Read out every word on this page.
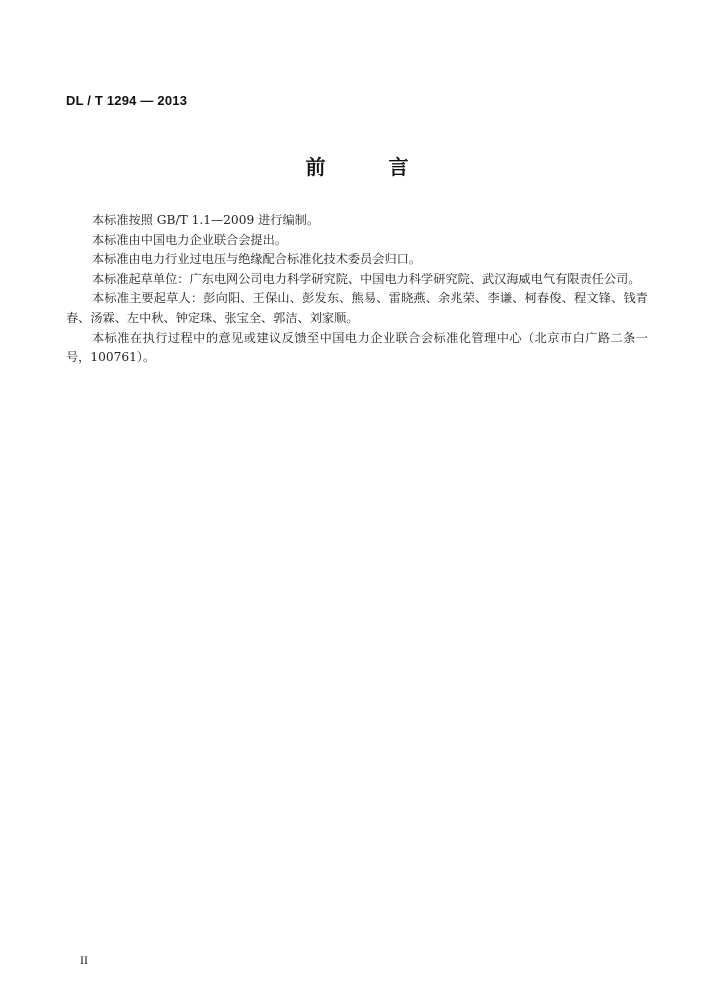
DL / T 1294 — 2013
前 言

本标准按照 GB/T 1.1—2009 进行编制。

本标准由中国电力企业联合会提出。

本标准由电力行业过电压与绝缘配合标准化技术委员会归口。

本标准起草单位：广东电网公司电力科学研究院、中国电力科学研究院、武汉海威电气有限责任公司。

本标准主要起草人：彭向阳、王保山、彭发东、熊易、雷晓燕、余兆荣、李谦、柯春俊、程文锋、钱青春、汤霖、左中秋、钟定珠、张宝全、郭洁、刘家顺。

本标准在执行过程中的意见或建议反馈至中国电力企业联合会标准化管理中心（北京市白广路二条一号，100761）。

II
